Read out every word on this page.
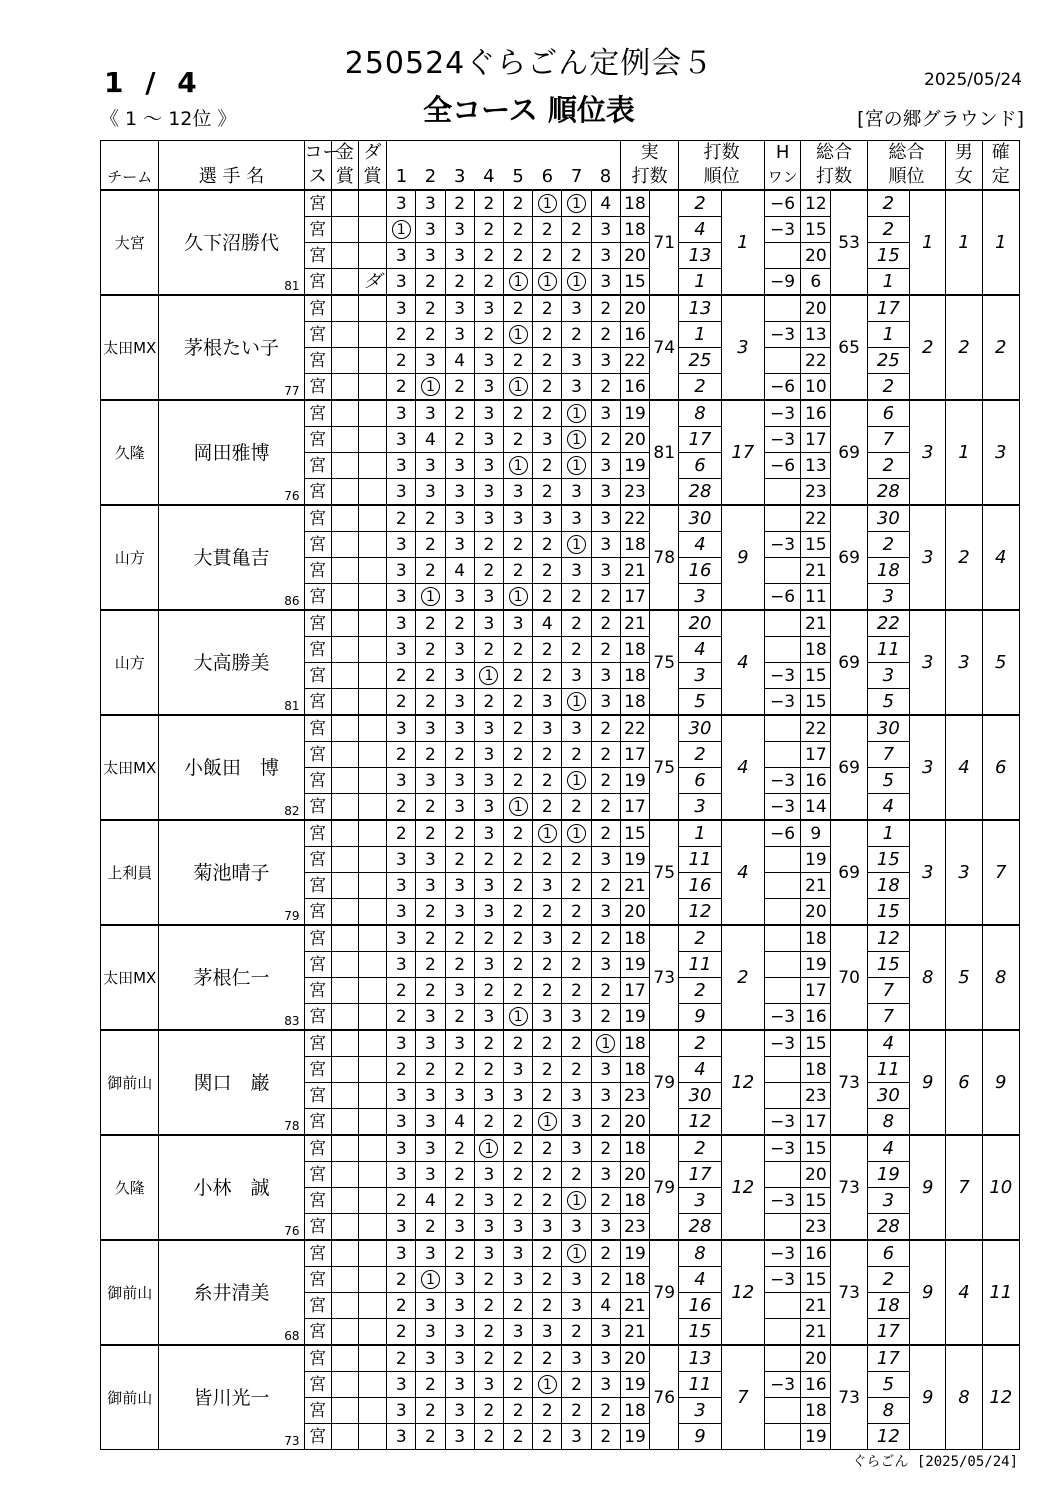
250524ぐらごん定例会５
全コース 順位表
1 / 4
《 1 ～ 12位 》
2025/05/24
[宮の郷グラウンド]
		コー	金	ダ									実		打数		H	総合		総合		男	確
チーム	選 手 名	ス	賞	賞	1	2	3	4	5	6	7	8	打数		順位		ワン	打数		順位		女	定
大宮	久下沼勝代
81	宮			3	3	2	2	2	1	1	4	18	71	2	1	−6	12	53	2	1	1	1
		宮			1	3	3	2	2	2	2	3	18		4		−3	15		2			
		宮			3	3	3	2	2	2	2	3	20		13			20		15			
		宮		ダ	3	2	2	2	1	1	1	3	15		1		−9	6		1			
太田MX	茅根たい子
77	宮			3	2	3	3	2	2	3	2	20	74	13	3		20	65	17	2	2	2
		宮			2	2	3	2	1	2	2	2	16		1		−3	13		1			
		宮			2	3	4	3	2	2	3	3	22		25			22		25			
		宮			2	1	2	3	1	2	3	2	16		2		−6	10		2			
久隆	岡田雅博
76	宮			3	3	2	3	2	2	1	3	19	81	8	17	−3	16	69	6	3	1	3
		宮			3	4	2	3	2	3	1	2	20		17		−3	17		7			
		宮			3	3	3	3	1	2	1	3	19		6		−6	13		2			
		宮			3	3	3	3	3	2	3	3	23		28			23		28			
山方	大貫亀吉
86	宮			2	2	3	3	3	3	3	3	22	78	30	9		22	69	30	3	2	4
		宮			3	2	3	2	2	2	1	3	18		4		−3	15		2			
		宮			3	2	4	2	2	2	3	3	21		16			21		18			
		宮			3	1	3	3	1	2	2	2	17		3		−6	11		3			
山方	大高勝美
81	宮			3	2	2	3	3	4	2	2	21	75	20	4		21	69	22	3	3	5
		宮			3	2	3	2	2	2	2	2	18		4			18		11			
		宮			2	2	3	1	2	2	3	3	18		3		−3	15		3			
		宮			2	2	3	2	2	3	1	3	18		5		−3	15		5			
太田MX	小飯田　博
82	宮			3	3	3	3	2	3	3	2	22	75	30	4		22	69	30	3	4	6
		宮			2	2	2	3	2	2	2	2	17		2			17		7			
		宮			3	3	3	3	2	2	1	2	19		6		−3	16		5			
		宮			2	2	3	3	1	2	2	2	17		3		−3	14		4			
上利員	菊池晴子
79	宮			2	2	2	3	2	1	1	2	15	75	1	4	−6	9	69	1	3	3	7
		宮			3	3	2	2	2	2	2	3	19		11			19		15			
		宮			3	3	3	3	2	3	2	2	21		16			21		18			
		宮			3	2	3	3	2	2	2	3	20		12			20		15			
太田MX	茅根仁一
83	宮			3	2	2	2	2	3	2	2	18	73	2	2		18	70	12	8	5	8
		宮			3	2	2	3	2	2	2	3	19		11			19		15			
		宮			2	2	3	2	2	2	2	2	17		2			17		7			
		宮			2	3	2	3	1	3	3	2	19		9		−3	16		7			
御前山	関口　巌
78	宮			3	3	3	2	2	2	2	1	18	79	2	12	−3	15	73	4	9	6	9
		宮			2	2	2	2	3	2	2	3	18		4			18		11			
		宮			3	3	3	3	3	2	3	3	23		30			23		30			
		宮			3	3	4	2	2	1	3	2	20		12		−3	17		8			
久隆	小林　誠
76	宮			3	3	2	1	2	2	3	2	18	79	2	12	−3	15	73	4	9	7	10
		宮			3	3	2	3	2	2	2	3	20		17			20		19			
		宮			2	4	2	3	2	2	1	2	18		3		−3	15		3			
		宮			3	2	3	3	3	3	3	3	23		28			23		28			
御前山	糸井清美
68	宮			3	3	2	3	3	2	1	2	19	79	8	12	−3	16	73	6	9	4	11
		宮			2	1	3	2	3	2	3	2	18		4		−3	15		2			
		宮			2	3	3	2	2	2	3	4	21		16			21		18			
		宮			2	3	3	2	3	3	2	3	21		15			21		17			
御前山	皆川光一
73	宮			2	3	3	2	2	2	3	3	20	76	13	7		20	73	17	9	8	12
		宮			3	2	3	3	2	1	2	3	19		11		−3	16		5			
		宮			3	2	3	2	2	2	2	2	18		3			18		8			
		宮			3	2	3	2	2	2	3	2	19		9			19		12			
ぐらごん [2025/05/24]
